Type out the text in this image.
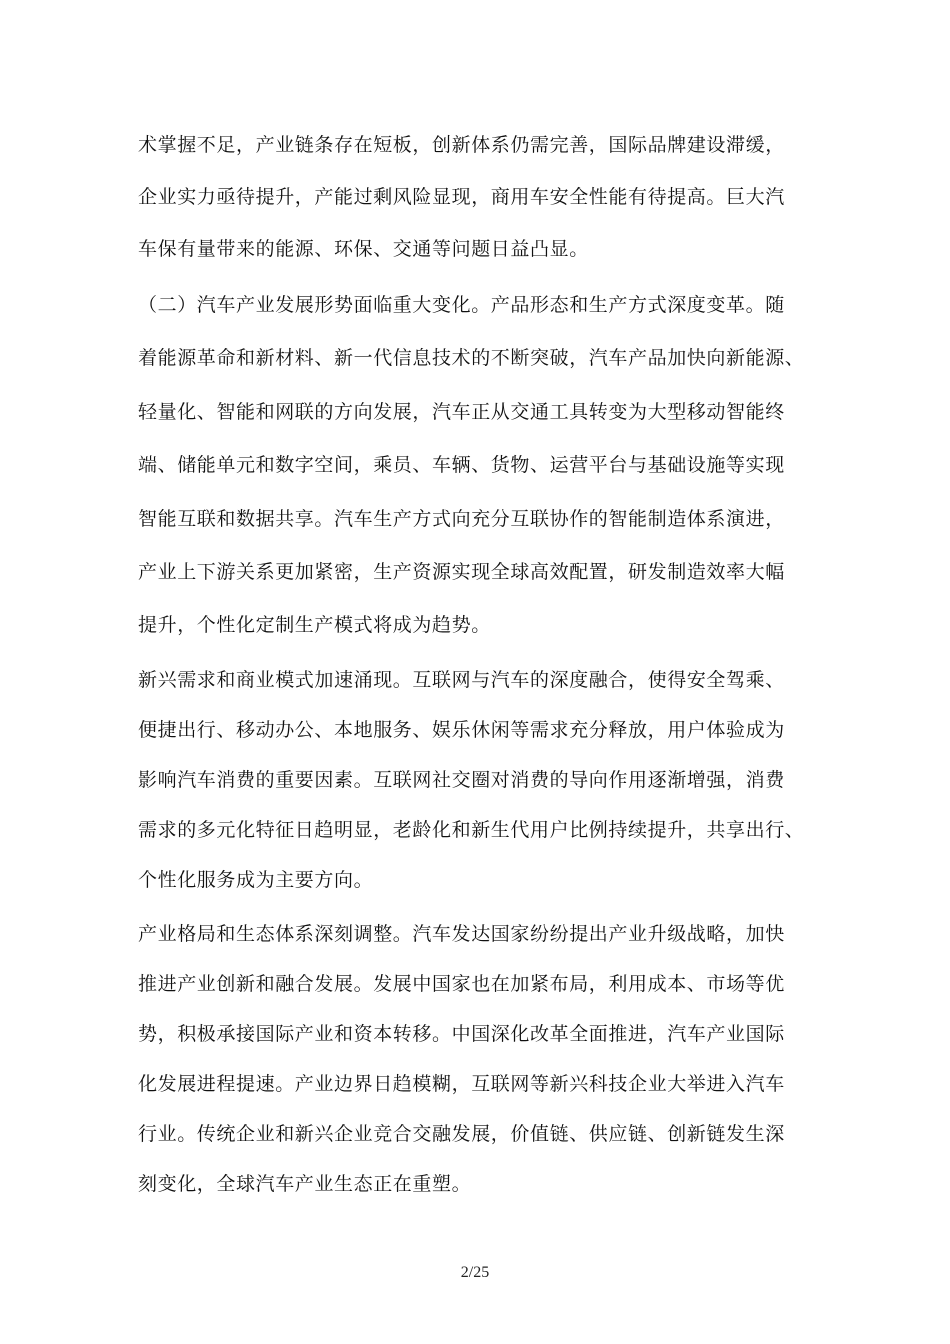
术掌握不足，产业链条存在短板，创新体系仍需完善，国际品牌建设滞缓，
企业实力亟待提升，产能过剩风险显现，商用车安全性能有待提高。巨大汽
车保有量带来的能源、环保、交通等问题日益凸显。
（二）汽车产业发展形势面临重大变化。产品形态和生产方式深度变革。随
着能源革命和新材料、新一代信息技术的不断突破，汽车产品加快向新能源、
轻量化、智能和网联的方向发展，汽车正从交通工具转变为大型移动智能终
端、储能单元和数字空间，乘员、车辆、货物、运营平台与基础设施等实现
智能互联和数据共享。汽车生产方式向充分互联协作的智能制造体系演进，
产业上下游关系更加紧密，生产资源实现全球高效配置，研发制造效率大幅
提升，个性化定制生产模式将成为趋势。
新兴需求和商业模式加速涌现。互联网与汽车的深度融合，使得安全驾乘、
便捷出行、移动办公、本地服务、娱乐休闲等需求充分释放，用户体验成为
影响汽车消费的重要因素。互联网社交圈对消费的导向作用逐渐增强，消费
需求的多元化特征日趋明显，老龄化和新生代用户比例持续提升，共享出行、
个性化服务成为主要方向。
产业格局和生态体系深刻调整。汽车发达国家纷纷提出产业升级战略，加快
推进产业创新和融合发展。发展中国家也在加紧布局，利用成本、市场等优
势，积极承接国际产业和资本转移。中国深化改革全面推进，汽车产业国际
化发展进程提速。产业边界日趋模糊，互联网等新兴科技企业大举进入汽车
行业。传统企业和新兴企业竞合交融发展，价值链、供应链、创新链发生深
刻变化，全球汽车产业生态正在重塑。
2/25
